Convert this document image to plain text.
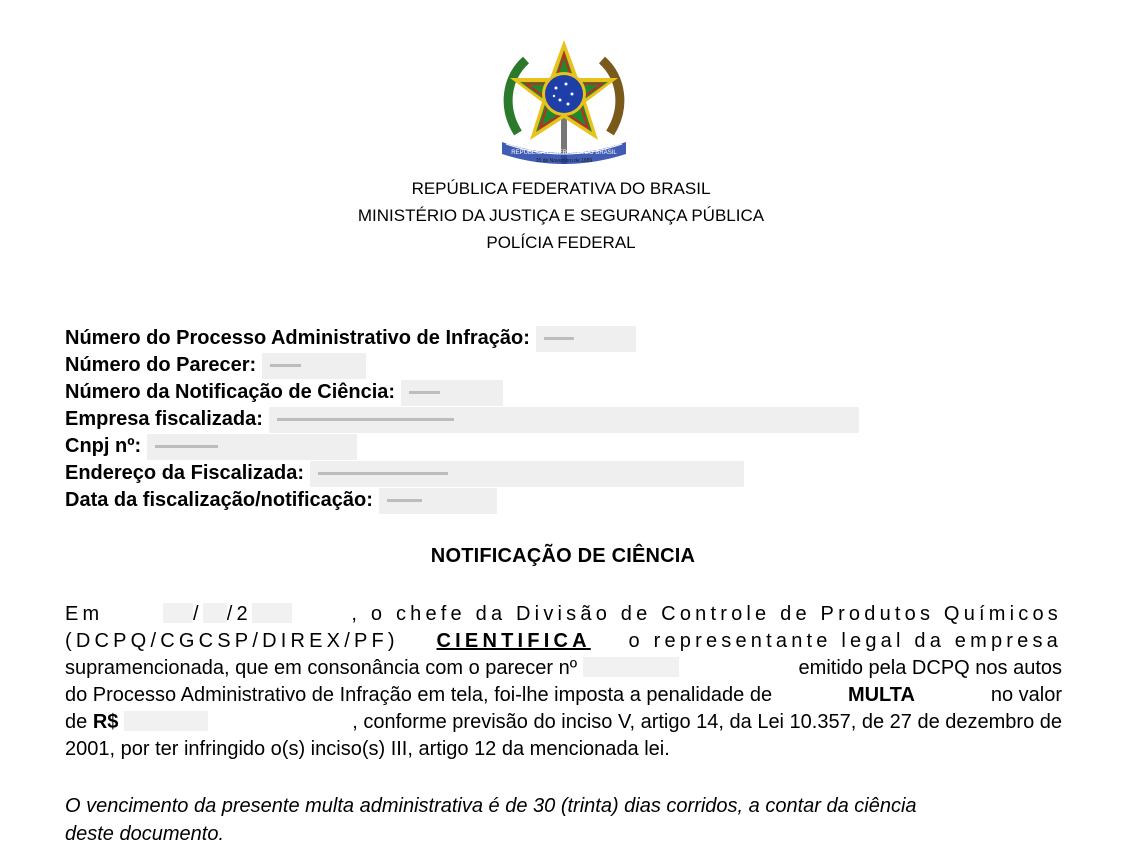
REPUBLICA FEDERATIVA DO BRASIL
15 de Novembro de 1889
REPÚBLICA FEDERATIVA DO BRASIL
MINISTÉRIO DA JUSTIÇA E SEGURANÇA PÚBLICA
POLÍCIA FEDERAL
Número do Processo Administrativo de Infração:
Número do Parecer:
Número da Notificação de Ciência:
Empresa fiscalizada:
Cnpj nº:
Endereço da Fiscalizada:
Data da fiscalização/notificação:
NOTIFICAÇÃO DE CIÊNCIA
Em	/ /2	, o chefe da Divisão de Controle de Produtos Químicos
(DCPQ/CGCSP/DIREX/PF) CIENTIFICA o representante legal da empresa
supramencionada, que em consonância com o parecer nº	emitido pela DCPQ nos autos
do Processo Administrativo de Infração em tela, foi-lhe imposta a penalidade de	MULTA	no valor
de R$	, conforme previsão do inciso V, artigo 14, da Lei 10.357, de 27 de dezembro de
2001, por ter infringido o(s) inciso(s) III, artigo 12 da mencionada lei.
O vencimento da presente multa administrativa é de 30 (trinta) dias corridos, a contar da ciência
deste documento.
